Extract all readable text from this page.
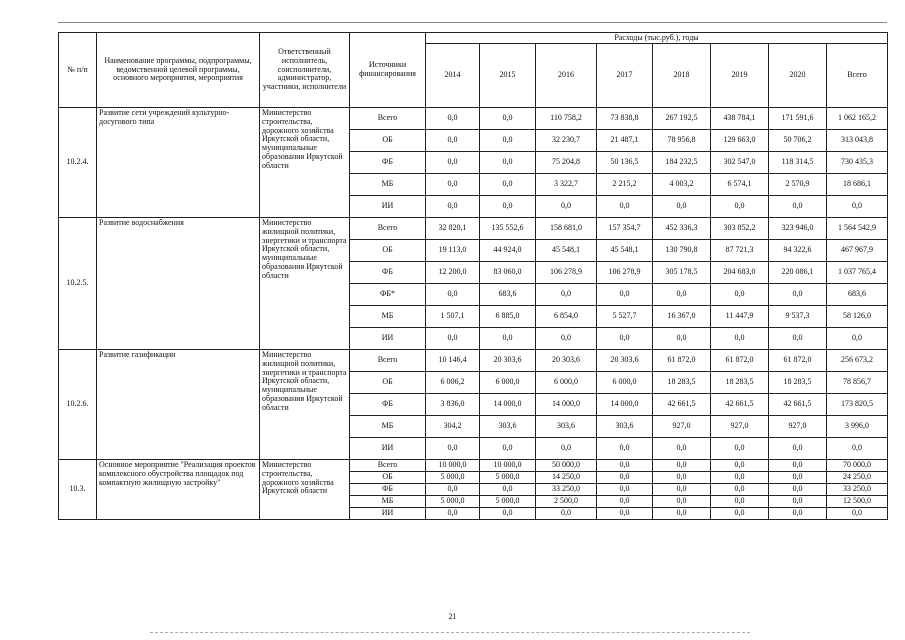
№ п/п	Наименование программы, подпрограммы, ведомственной целевой программы, основного мероприятия, мероприятия	Ответственный исполнитель, соисполнители, администратор, участники, исполнители	Источники финансирования	Расходы (тыс.руб.), годы							
				2014	2015	2016	2017	2018	2019	2020	Всего
10.2.4.	Развитие сети учреждений культурно-досугового типа	Министерство строительства, дорожного хозяйства Иркутской области, муниципальные образования Иркутской области	Всего	0,0	0,0	110 758,2	73 838,8	267 192,5	438 784,1	171 591,6	1 062 165,2
			ОБ	0,0	0,0	32 230,7	21 487,1	78 956,8	129 663,0	50 706,2	313 043,8
			ФБ	0,0	0,0	75 204,8	50 136,5	184 232,5	302 547,0	118 314,5	730 435,3
			МБ	0,0	0,0	3 322,7	2 215,2	4 003,2	6 574,1	2 570,9	18 686,1
			ИИ	0,0	0,0	0,0	0,0	0,0	0,0	0,0	0,0
10.2.5.	Развитие водоснабжения	Министерство жилищной политики, энергетики и транспорта Иркутской области, муниципальные образования Иркутской области	Всего	32 820,1	135 552,6	158 681,0	157 354,7	452 336,3	303 852,2	323 946,0	1 564 542,9
			ОБ	19 113,0	44 924,0	45 548,1	45 548,1	130 790,8	87 721,3	94 322,6	467 967,9
			ФБ	12 200,0	83 060,0	106 278,9	106 278,9	305 178,5	204 683,0	220 086,1	1 037 765,4
			ФБ*	0,0	683,6	0,0	0,0	0,0	0,0	0,0	683,6
			МБ	1 507,1	6 885,0	6 854,0	5 527,7	16 367,0	11 447,9	9 537,3	58 126,0
			ИИ	0,0	0,0	0,0	0,0	0,0	0,0	0,0	0,0
10.2.6.	Развитие газификации	Министерство жилищной политики, энергетики и транспорта Иркутской области, муниципальные образования Иркутской области	Всего	10 146,4	20 303,6	20 303,6	20 303,6	61 872,0	61 872,0	61 872,0	256 673,2
			ОБ	6 006,2	6 000,0	6 000,0	6 000,0	18 283,5	18 283,5	18 283,5	78 856,7
			ФБ	3 836,0	14 000,0	14 000,0	14 000,0	42 661,5	42 661,5	42 661,5	173 820,5
			МБ	304,2	303,6	303,6	303,6	927,0	927,0	927,0	3 996,0
			ИИ	0,0	0,0	0,0	0,0	0,0	0,0	0,0	0,0
10.3.	Основное мероприятие "Реализация проектов комплексного обустройства площадок под компактную жилищную застройку"	Министерство строительства, дорожного хозяйства Иркутской области	Всего	10 000,0	10 000,0	50 000,0	0,0	0,0	0,0	0,0	70 000,0
			ОБ	5 000,0	5 000,0	14 250,0	0,0	0,0	0,0	0,0	24 250,0
			ФБ	0,0	0,0	33 250,0	0,0	0,0	0,0	0,0	33 250,0
			МБ	5 000,0	5 000,0	2 500,0	0,0	0,0	0,0	0,0	12 500,0
			ИИ	0,0	0,0	0,0	0,0	0,0	0,0	0,0	0,0
21
